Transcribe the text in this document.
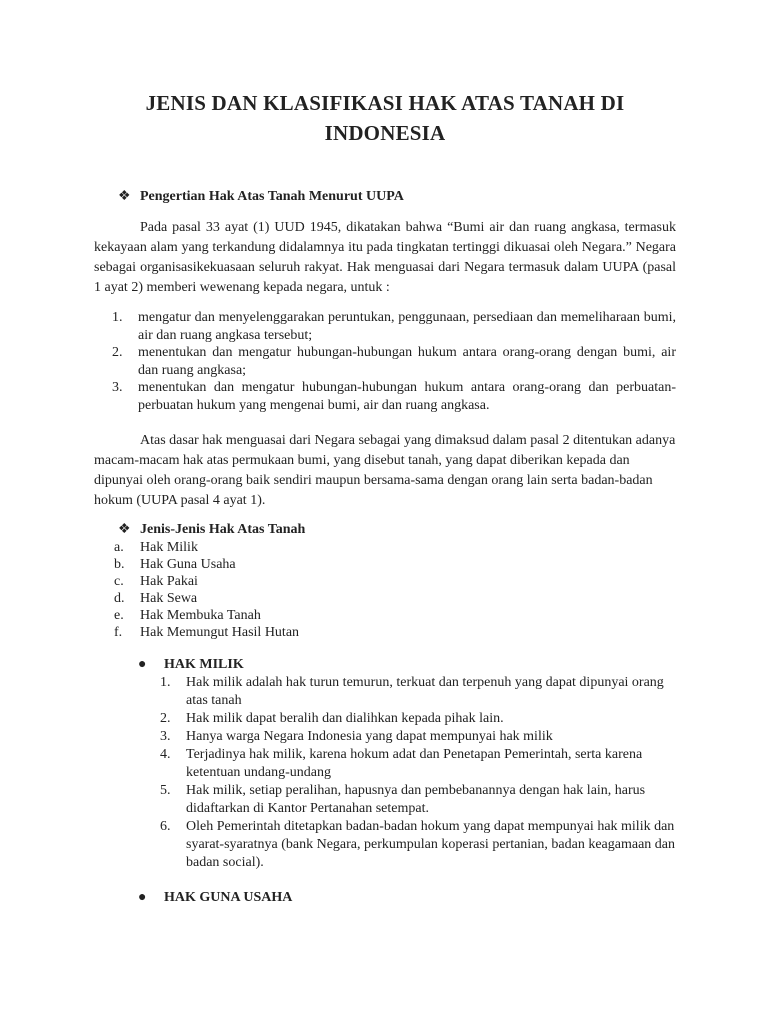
JENIS DAN KLASIFIKASI HAK ATAS TANAH DI INDONESIA
❖ Pengertian Hak Atas Tanah Menurut UUPA

Pada pasal 33 ayat (1) UUD 1945, dikatakan bahwa “Bumi air dan ruang angkasa, termasuk kekayaan alam yang terkandung didalamnya itu pada tingkatan tertinggi dikuasai oleh Negara.” Negara sebagai organisasikekuasaan seluruh rakyat. Hak menguasai dari Negara termasuk dalam UUPA (pasal 1 ayat 2) memberi wewenang kepada negara, untuk :

1. mengatur dan menyelenggarakan peruntukan, penggunaan, persediaan dan memeliharaan bumi, air dan ruang angkasa tersebut;
2. menentukan dan mengatur hubungan-hubungan hukum antara orang-orang dengan bumi, air dan ruang angkasa;
3. menentukan dan mengatur hubungan-hubungan hukum antara orang-orang dan perbuatan-perbuatan hukum yang mengenai bumi, air dan ruang angkasa.

Atas dasar hak menguasai dari Negara sebagai yang dimaksud dalam pasal 2 ditentukan adanya macam-macam hak atas permukaan bumi, yang disebut tanah, yang dapat diberikan kepada dan dipunyai oleh orang-orang baik sendiri maupun bersama-sama dengan orang lain serta badan-badan hokum (UUPA pasal 4 ayat 1).

❖ Jenis-Jenis Hak Atas Tanah
a. Hak Milik
b. Hak Guna Usaha
c. Hak Pakai
d. Hak Sewa
e. Hak Membuka Tanah
f. Hak Memungut Hasil Hutan
● HAK MILIK
1. Hak milik adalah hak turun temurun, terkuat dan terpenuh yang dapat dipunyai orang atas tanah
2. Hak milik dapat beralih dan dialihkan kepada pihak lain.
3. Hanya warga Negara Indonesia yang dapat mempunyai hak milik
4. Terjadinya hak milik, karena hokum adat dan Penetapan Pemerintah, serta karena ketentuan undang-undang
5. Hak milik, setiap peralihan, hapusnya dan pembebanannya dengan hak lain, harus didaftarkan di Kantor Pertanahan setempat.
6. Oleh Pemerintah ditetapkan badan-badan hokum yang dapat mempunyai hak milik dan syarat-syaratnya (bank Negara, perkumpulan koperasi pertanian, badan keagamaan dan badan social).
● HAK GUNA USAHA
